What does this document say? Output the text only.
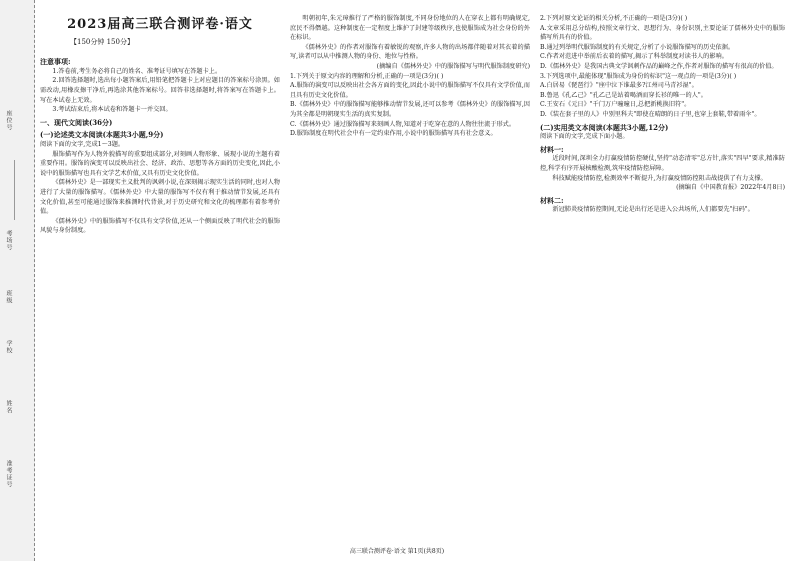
座位号
考场号
班级
学校
姓名
准考证号
2023届高三联合测评卷·语文
【150分钟 150分】
注意事项:

1.答卷前,考生务必将自己的姓名、准考证号填写在答题卡上。

2.回答选择题时,选出每小题答案后,用铅笔把答题卡上对应题目的答案标号涂黑。如需改动,用橡皮擦干净后,再选涂其他答案标号。回答非选择题时,将答案写在答题卡上。写在本试卷上无效。

3.考试结束后,将本试卷和答题卡一并交回。

一、现代文阅读(36分)
(一)论述类文本阅读(本题共3小题,9分)

阅读下面的文字,完成1～3题。

服饰描写作为人物外貌描写的重要组成部分,对刻画人物形象、展现小说的主题有着重要作用。服饰的演变可以反映出社会、经济、政治、思想等各方面的历史变化,因此,小说中的服饰描写也具有文学艺术价值,又具有历史文化价值。

《儒林外史》是一部现实主义批判的讽刺小说,在深刻揭示现实生活的同时,也对人物进行了大量的服饰描写。《儒林外史》中大量的服饰写不仅有利于推动情节发展,还具有文化价值,甚至可能通过服饰来推测时代背景,对于历史研究和文化的梳理都有着参考价值。

《儒林外史》中的服饰描写不仅具有文学价值,还从一个侧面反映了明代社会的服饰风貌与身份制度。

明朝初年,朱元璋推行了严格的服饰制度,不同身份地位的人在穿衣上都有明确规定,庶民不得僭越。这种制度在一定程度上维护了封建等级秩序,也使服饰成为社会身份的外在标识。

《儒林外史》的作者对服饰有着敏锐的观察,许多人物的出场都伴随着对其衣着的描写,读者可以从中推测人物的身份、地位与性格。

(摘编自《儒林外史》中的服饰描写与明代服饰制度研究)

1.下列关于原文内容的理解和分析,正确的一项是(3分)( )

A.服饰的演变可以反映出社会各方面的变化,因此小说中的服饰描写不仅具有文学价值,而且具有历史文化价值。

B.《儒林外史》中的服饰描写能够推动情节发展,还可以参考《儒林外史》的服饰描写,因为其全都是明朝现实生活的真实复制。

C.《儒林外史》通过服饰描写来刻画人物,知道对于吃穿在意的人物往往流于形式。

D.服饰制度在明代社会中有一定约束作用,小说中的服饰描写具有社会意义。

2.下列对原文论证的相关分析,不正确的一项是(3分)( )

A.文章采用总分结构,按照文章行文、思想行为、身份识别,主要论证了儒林外史中的服饰描写所具有的价值。

B.通过列举明代服饰制度的有关规定,分析了小说服饰描写的历史依据。

C.作者对范进中举前后衣着的描写,揭示了科举制度对读书人的影响。

D.《儒林外史》是我国古典文学讽刺作品的巅峰之作,作者对服饰的描写有很高的价值。

3.下列选项中,最能体现"服饰成为身份的标识"这一观点的一项是(3分)( )

A.白居易《琵琶行》"座中泣下谁最多?江州司马青衫湿"。

B.鲁迅《孔乙己》"孔乙己是站着喝酒而穿长衫的唯一的人"。

C.王安石《元日》"千门万户曈曈日,总把新桃换旧符"。

D.《装在套子里的人》中别里科夫"即使在晴朗的日子里,也穿上套鞋,带着雨伞"。

(二)实用类文本阅读(本题共3小题,12分)

阅读下面的文字,完成下面小题。

材料一:

近段时间,深圳全力打赢疫情防控硬仗,坚持"动态清零"总方针,落实"四早"要求,精准防控,科学有序开展核酸检测,筑牢疫情防控屏障。

科技赋能疫情防控,检测效率不断提升,为打赢疫情防控阻击战提供了有力支撑。

(摘编自《中国教育报》2022年4月8日)

材料二:

新冠肺炎疫情防控期间,无论是出行还是进入公共场所,人们都要先"扫码"。

高三联合测评卷·语文 第1页(共8页)
